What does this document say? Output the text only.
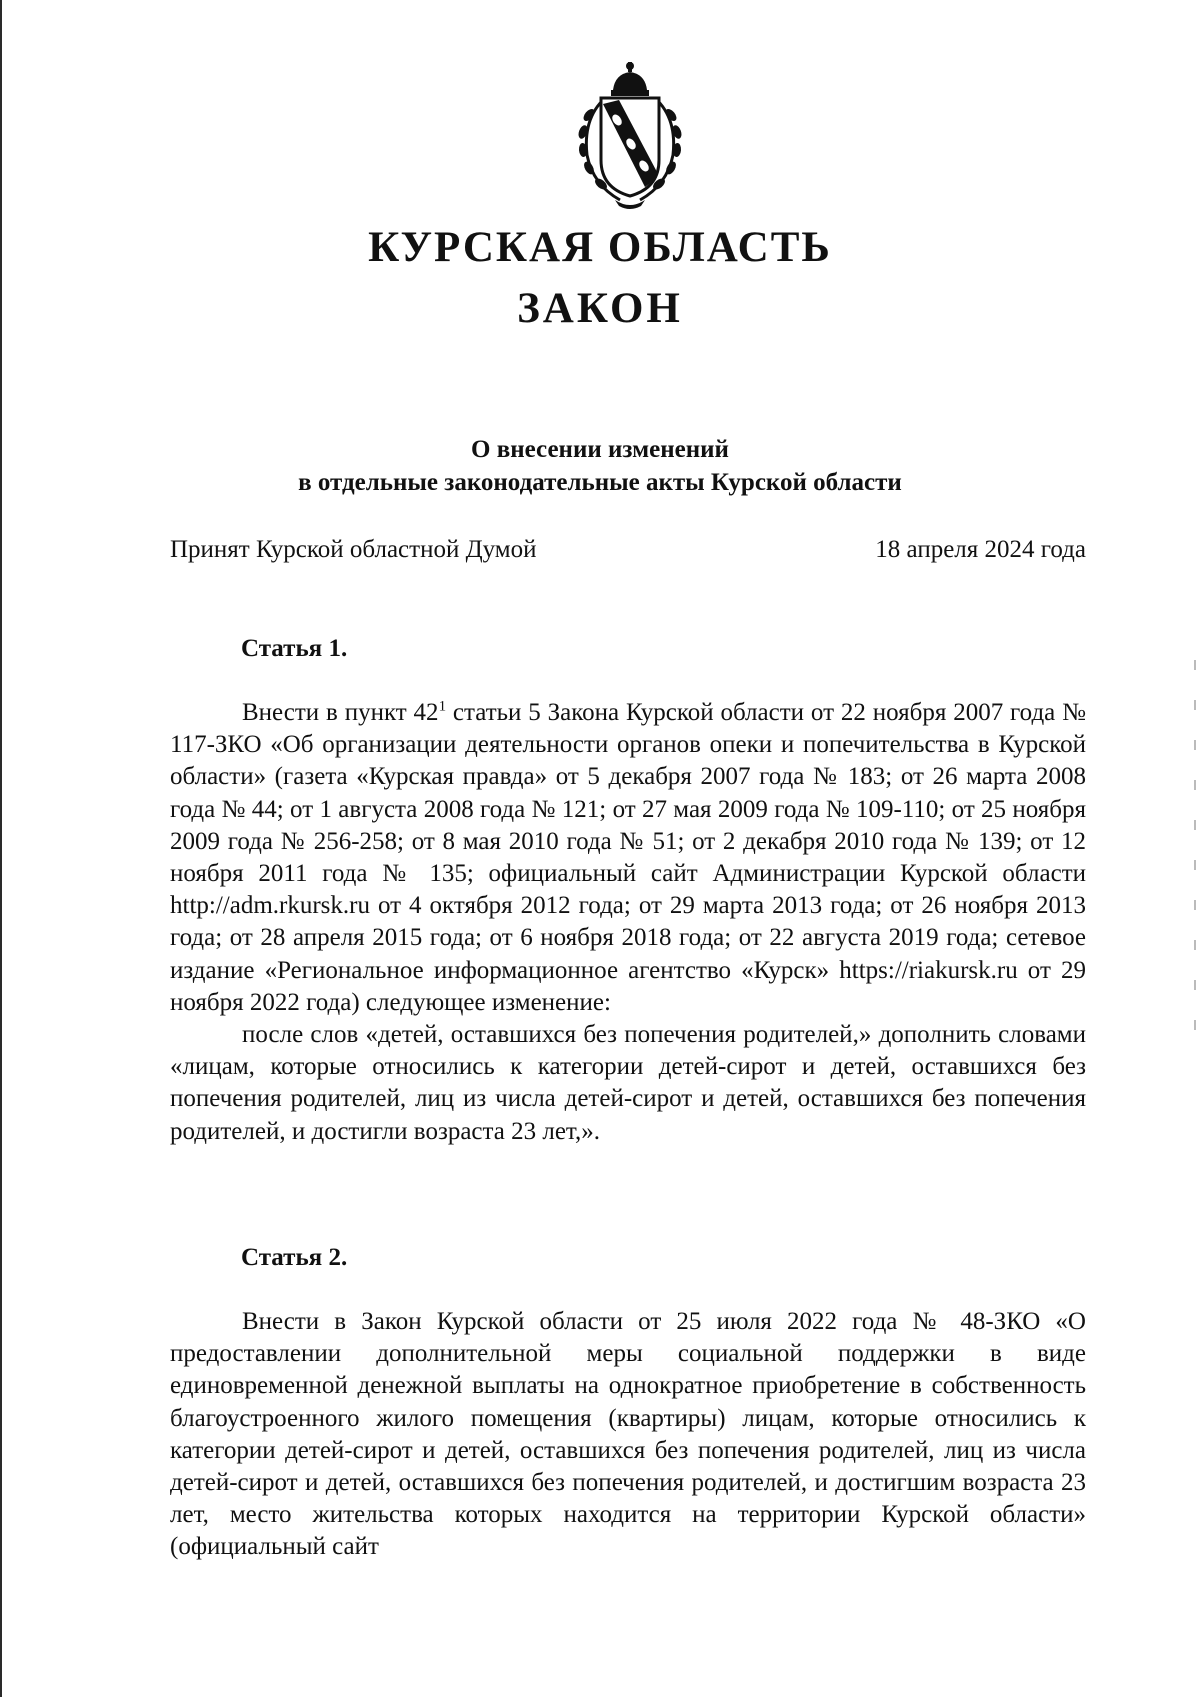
КУРСКАЯ ОБЛАСТЬ
ЗАКОН
О внесении изменений
в отдельные законодательные акты Курской области
Принят Курской областной Думой	18 апреля 2024 года
Статья 1.

Внести в пункт $42^1$ статьи 5 Закона Курской области от 22 ноября 2007 года № 117-ЗКО «Об организации деятельности органов опеки и попечительства в Курской области» (газета «Курская правда» от 5 декабря 2007 года № 183; от 26 марта 2008 года № 44; от 1 августа 2008 года № 121; от 27 мая 2009 года № 109-110; от 25 ноября 2009 года № 256-258; от 8 мая 2010 года № 51; от 2 декабря 2010 года № 139; от 12 ноября 2011 года № 135; официальный сайт Администрации Курской области http://adm.rkursk.ru от 4 октября 2012 года; от 29 марта 2013 года; от 26 ноября 2013 года; от 28 апреля 2015 года; от 6 ноября 2018 года; от 22 августа 2019 года; сетевое издание «Региональное информационное агентство «Курск» https://riakursk.ru от 29 ноября 2022 года) следующее изменение:

после слов «детей, оставшихся без попечения родителей,» дополнить словами «лицам, которые относились к категории детей-сирот и детей, оставшихся без попечения родителей, лиц из числа детей-сирот и детей, оставшихся без попечения родителей, и достигли возраста 23 лет,».

Статья 2.

Внести в Закон Курской области от 25 июля 2022 года № 48-ЗКО «О предоставлении дополнительной меры социальной поддержки в виде единовременной денежной выплаты на однократное приобретение в собственность благоустроенного жилого помещения (квартиры) лицам, которые относились к категории детей-сирот и детей, оставшихся без попечения родителей, лиц из числа детей-сирот и детей, оставшихся без попечения родителей, и достигшим возраста 23 лет, место жительства которых находится на территории Курской области» (официальный сайт
